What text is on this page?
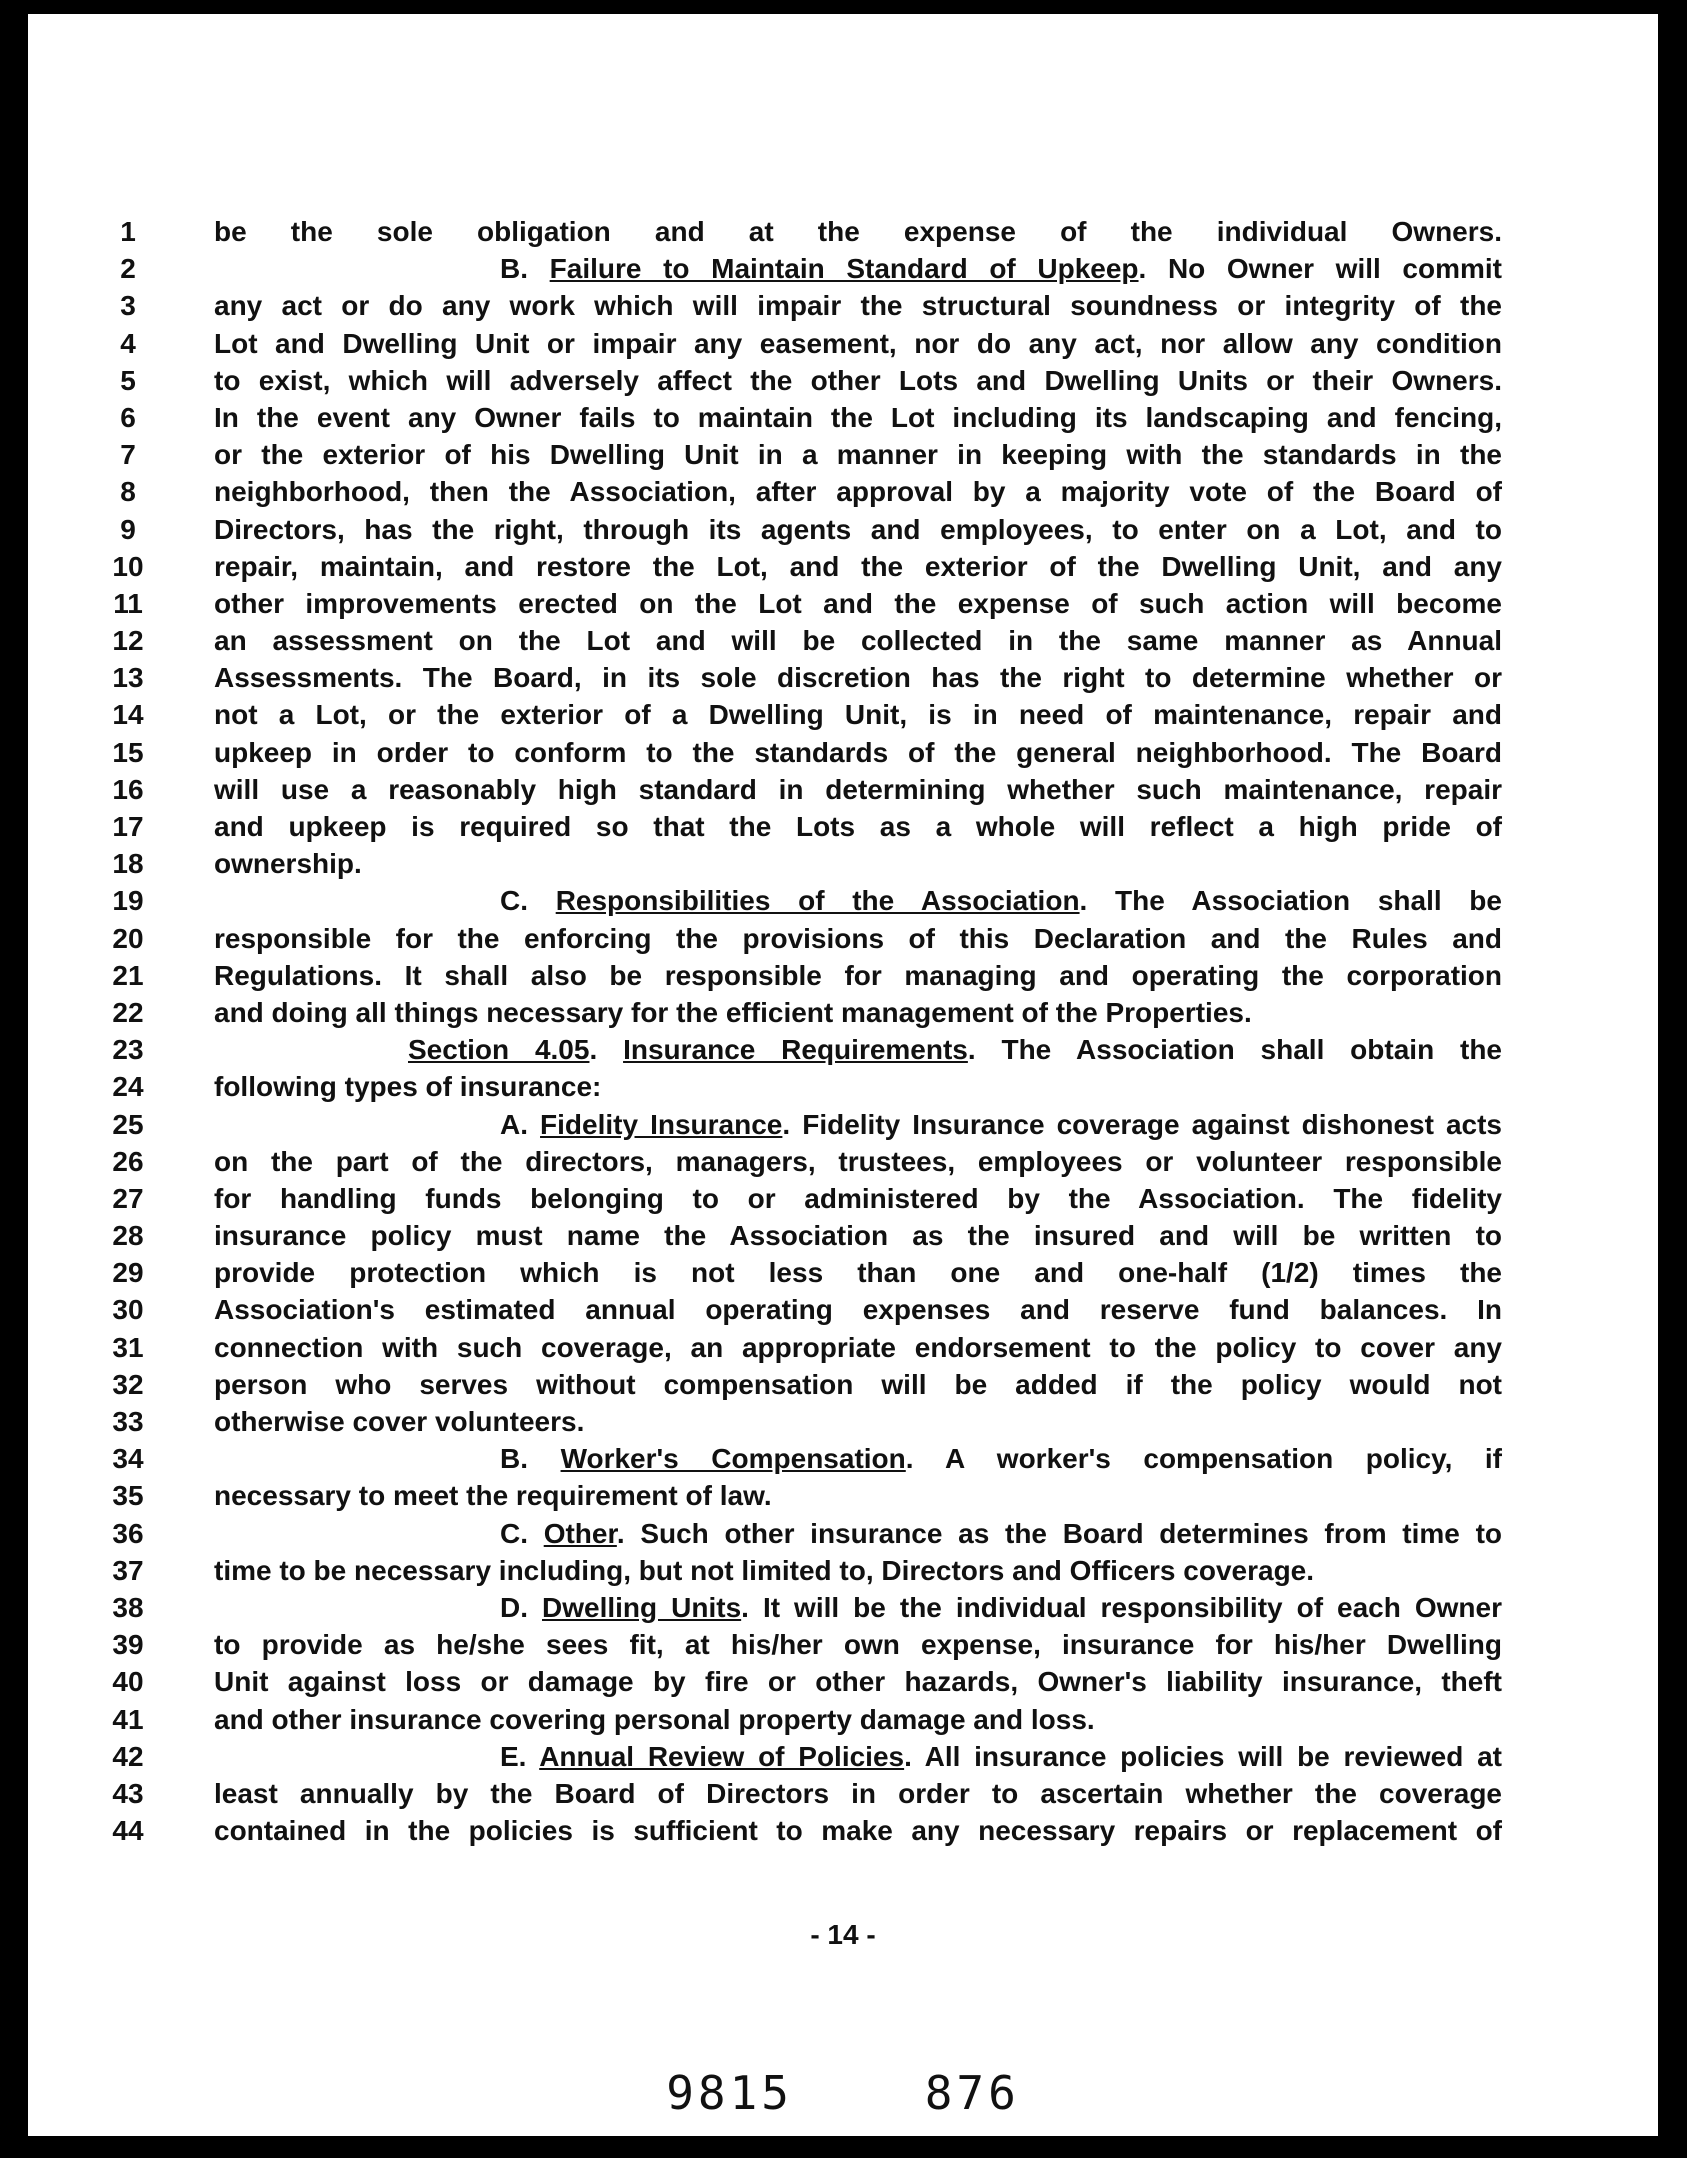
1	be the sole obligation and at the expense of the individual Owners.
2	B. Failure to Maintain Standard of Upkeep. No Owner will commit
3	any act or do any work which will impair the structural soundness or integrity of the
4	Lot and Dwelling Unit or impair any easement, nor do any act, nor allow any condition
5	to exist, which will adversely affect the other Lots and Dwelling Units or their Owners.
6	In the event any Owner fails to maintain the Lot including its landscaping and fencing,
7	or the exterior of his Dwelling Unit in a manner in keeping with the standards in the
8	neighborhood, then the Association, after approval by a majority vote of the Board of
9	Directors, has the right, through its agents and employees, to enter on a Lot, and to
10	repair, maintain, and restore the Lot, and the exterior of the Dwelling Unit, and any
11	other improvements erected on the Lot and the expense of such action will become
12	an assessment on the Lot and will be collected in the same manner as Annual
13	Assessments. The Board, in its sole discretion has the right to determine whether or
14	not a Lot, or the exterior of a Dwelling Unit, is in need of maintenance, repair and
15	upkeep in order to conform to the standards of the general neighborhood. The Board
16	will use a reasonably high standard in determining whether such maintenance, repair
17	and upkeep is required so that the Lots as a whole will reflect a high pride of
18	ownership.
19	C. Responsibilities of the Association. The Association shall be
20	responsible for the enforcing the provisions of this Declaration and the Rules and
21	Regulations. It shall also be responsible for managing and operating the corporation
22	and doing all things necessary for the efficient management of the Properties.
23	Section 4.05. Insurance Requirements. The Association shall obtain the
24	following types of insurance:
25	A. Fidelity Insurance. Fidelity Insurance coverage against dishonest acts
26	on the part of the directors, managers, trustees, employees or volunteer responsible
27	for handling funds belonging to or administered by the Association. The fidelity
28	insurance policy must name the Association as the insured and will be written to
29	provide protection which is not less than one and one-half (1/2) times the
30	Association's estimated annual operating expenses and reserve fund balances. In
31	connection with such coverage, an appropriate endorsement to the policy to cover any
32	person who serves without compensation will be added if the policy would not
33	otherwise cover volunteers.
34	B. Worker's Compensation. A worker's compensation policy, if
35	necessary to meet the requirement of law.
36	C. Other. Such other insurance as the Board determines from time to
37	time to be necessary including, but not limited to, Directors and Officers coverage.
38	D. Dwelling Units. It will be the individual responsibility of each Owner
39	to provide as he/she sees fit, at his/her own expense, insurance for his/her Dwelling
40	Unit against loss or damage by fire or other hazards, Owner's liability insurance, theft
41	and other insurance covering personal property damage and loss.
42	E. Annual Review of Policies. All insurance policies will be reviewed at
43	least annually by the Board of Directors in order to ascertain whether the coverage
44	contained in the policies is sufficient to make any necessary repairs or replacement of
- 14 -
9815	876
